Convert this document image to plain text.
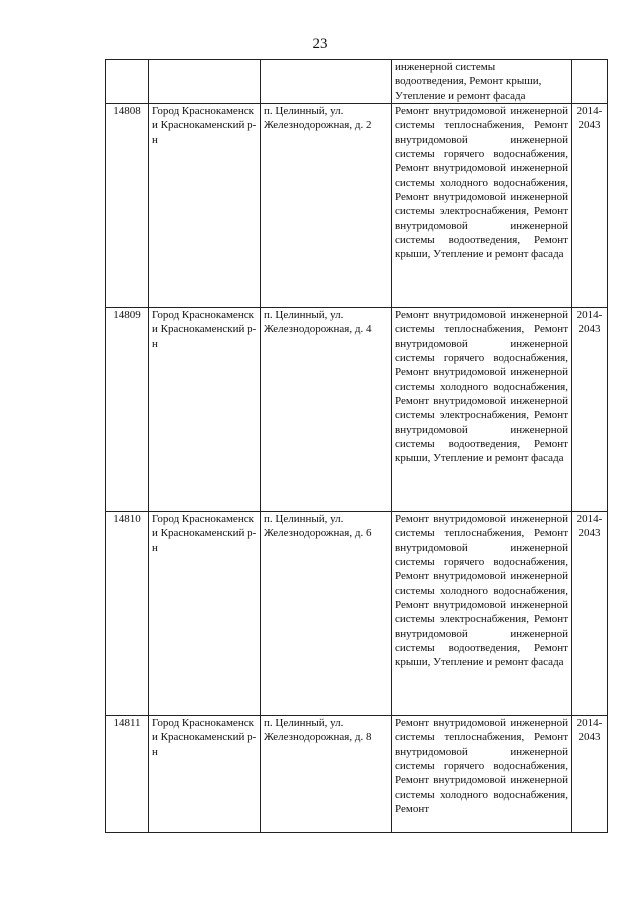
23

			инженерной системы
водоотведения, Ремонт крыши,
Утепление и ремонт фасада	

14808	Город Краснокаменск и Краснокаменский р-н	п. Целинный, ул. Железнодорожная, д. 2	Ремонт внутридомовой инженерной системы теплоснабжения, Ремонт внутридомовой инженерной системы горячего водоснабжения, Ремонт внутридомовой инженерной системы холодного водоснабжения, Ремонт внутридомовой инженерной системы электроснабжения, Ремонт внутридомовой инженерной системы водоотведения, Ремонт крыши, Утепление и ремонт фасада	2014-2043
14809	Город Краснокаменск и Краснокаменский р-н	п. Целинный, ул. Железнодорожная, д. 4	Ремонт внутридомовой инженерной системы теплоснабжения, Ремонт внутридомовой инженерной системы горячего водоснабжения, Ремонт внутридомовой инженерной системы холодного водоснабжения, Ремонт внутридомовой инженерной системы электроснабжения, Ремонт внутридомовой инженерной системы водоотведения, Ремонт крыши, Утепление и ремонт фасада	2014-2043
14810	Город Краснокаменск и Краснокаменский р-н	п. Целинный, ул. Железнодорожная, д. 6	Ремонт внутридомовой инженерной системы теплоснабжения, Ремонт внутридомовой инженерной системы горячего водоснабжения, Ремонт внутридомовой инженерной системы холодного водоснабжения, Ремонт внутридомовой инженерной системы электроснабжения, Ремонт внутридомовой инженерной системы водоотведения, Ремонт крыши, Утепление и ремонт фасада	2014-2043
14811	Город Краснокаменск и Краснокаменский р-н	п. Целинный, ул. Железнодорожная, д. 8	Ремонт внутридомовой инженерной системы теплоснабжения, Ремонт внутридомовой инженерной системы горячего водоснабжения, Ремонт внутридомовой инженерной системы холодного водоснабжения, Ремонт	2014-2043
